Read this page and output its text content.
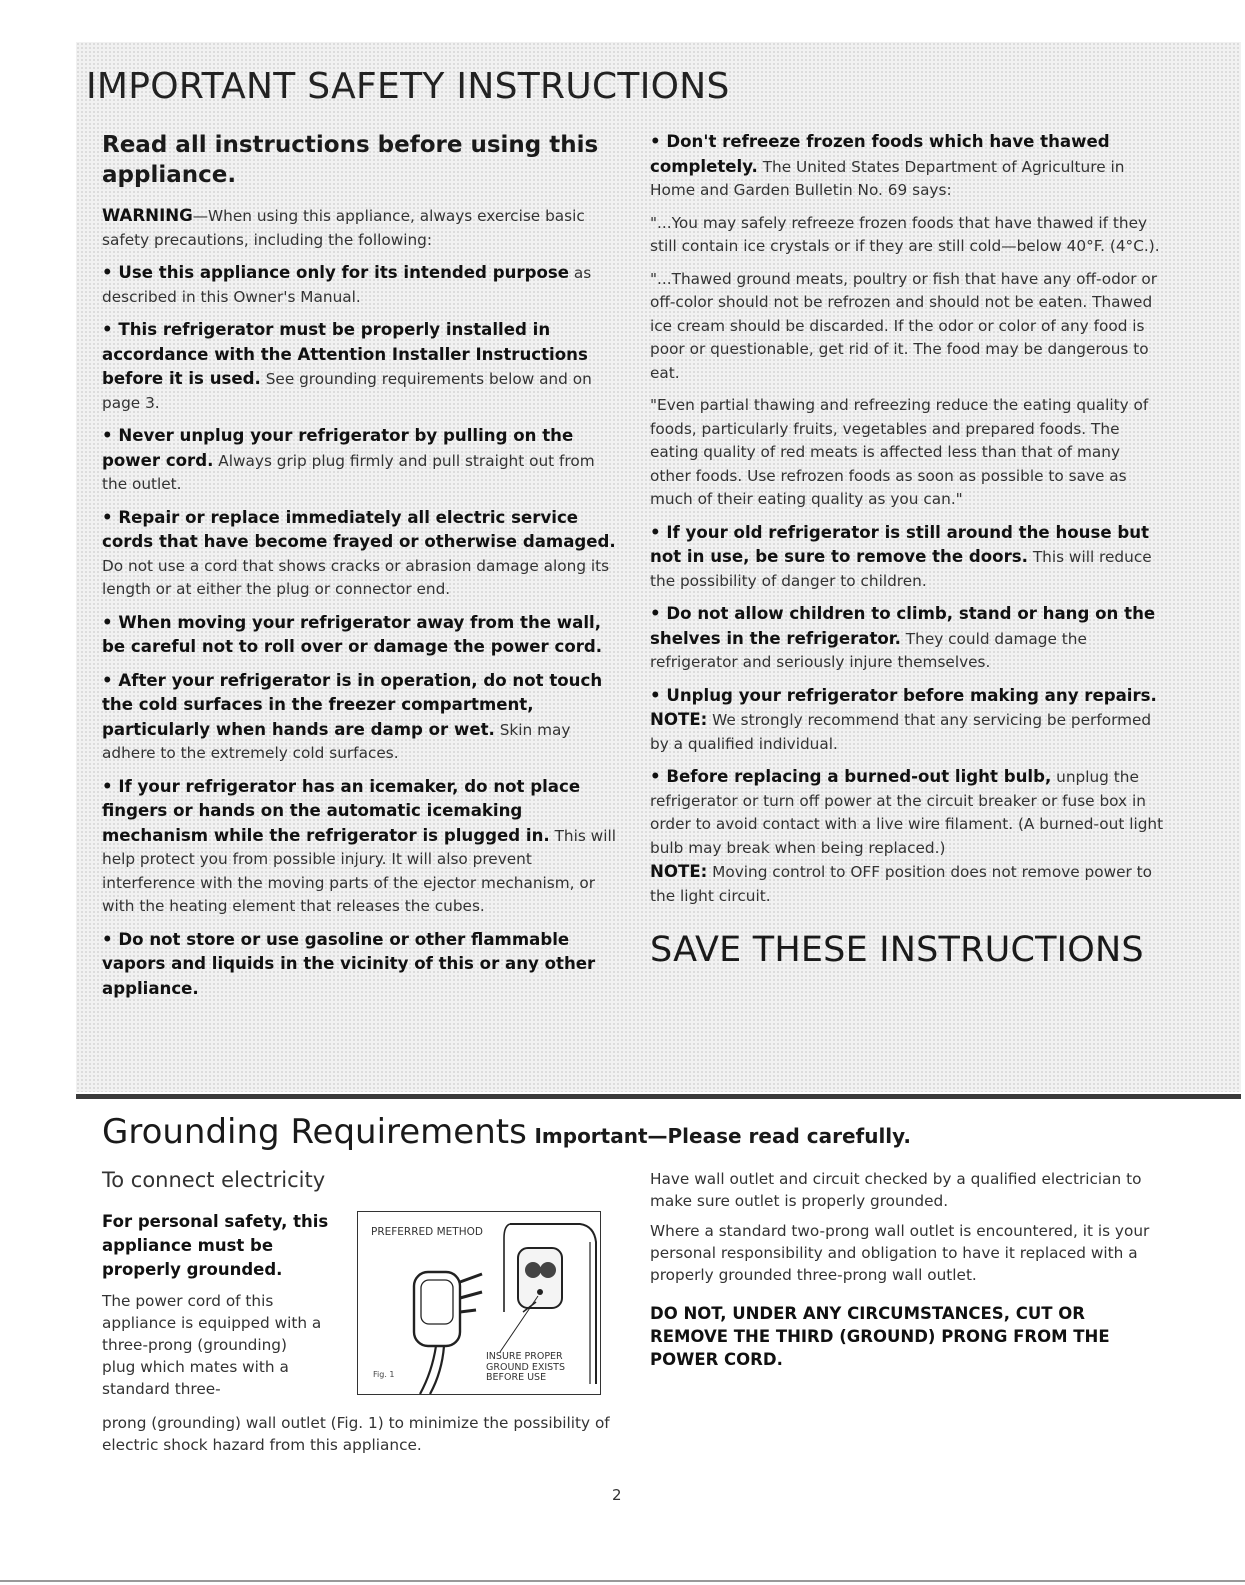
IMPORTANT SAFETY INSTRUCTIONS
Read all instructions before using this appliance.

WARNING—When using this appliance, always exercise basic safety precautions, including the following:

• Use this appliance only for its intended purpose as described in this Owner's Manual.

• This refrigerator must be properly installed in accordance with the Attention Installer Instructions before it is used. See grounding requirements below and on page 3.

• Never unplug your refrigerator by pulling on the power cord. Always grip plug firmly and pull straight out from the outlet.

• Repair or replace immediately all electric service cords that have become frayed or otherwise damaged. Do not use a cord that shows cracks or abrasion damage along its length or at either the plug or connector end.

• When moving your refrigerator away from the wall, be careful not to roll over or damage the power cord.

• After your refrigerator is in operation, do not touch the cold surfaces in the freezer compartment, particularly when hands are damp or wet. Skin may adhere to the extremely cold surfaces.

• If your refrigerator has an icemaker, do not place fingers or hands on the automatic icemaking mechanism while the refrigerator is plugged in. This will help protect you from possible injury. It will also prevent interference with the moving parts of the ejector mechanism, or with the heating element that releases the cubes.

• Do not store or use gasoline or other flammable vapors and liquids in the vicinity of this or any other appliance.

• Don't refreeze frozen foods which have thawed completely. The United States Department of Agriculture in Home and Garden Bulletin No. 69 says:

"...You may safely refreeze frozen foods that have thawed if they still contain ice crystals or if they are still cold—below 40°F. (4°C.).

"...Thawed ground meats, poultry or fish that have any off-odor or off-color should not be refrozen and should not be eaten. Thawed ice cream should be discarded. If the odor or color of any food is poor or questionable, get rid of it. The food may be dangerous to eat.

"Even partial thawing and refreezing reduce the eating quality of foods, particularly fruits, vegetables and prepared foods. The eating quality of red meats is affected less than that of many other foods. Use refrozen foods as soon as possible to save as much of their eating quality as you can."

• If your old refrigerator is still around the house but not in use, be sure to remove the doors. This will reduce the possibility of danger to children.

• Do not allow children to climb, stand or hang on the shelves in the refrigerator. They could damage the refrigerator and seriously injure themselves.

• Unplug your refrigerator before making any repairs. NOTE: We strongly recommend that any servicing be performed by a qualified individual.

• Before replacing a burned-out light bulb, unplug the refrigerator or turn off power at the circuit breaker or fuse box in order to avoid contact with a live wire filament. (A burned-out light bulb may break when being replaced.)

NOTE: Moving control to OFF position does not remove power to the light circuit.

SAVE THESE INSTRUCTIONS
Grounding Requirements Important—Please read carefully.
To connect electricity

For personal safety, this appliance must be properly grounded.

The power cord of this appliance is equipped with a three-prong (grounding) plug which mates with a standard three-

PREFERRED METHOD
Fig. 1
INSURE PROPER GROUND EXISTS BEFORE USE

prong (grounding) wall outlet (Fig. 1) to minimize the possibility of electric shock hazard from this appliance.

Have wall outlet and circuit checked by a qualified electrician to make sure outlet is properly grounded.

Where a standard two-prong wall outlet is encountered, it is your personal responsibility and obligation to have it replaced with a properly grounded three-prong wall outlet.

DO NOT, UNDER ANY CIRCUMSTANCES, CUT OR REMOVE THE THIRD (GROUND) PRONG FROM THE POWER CORD.

2
